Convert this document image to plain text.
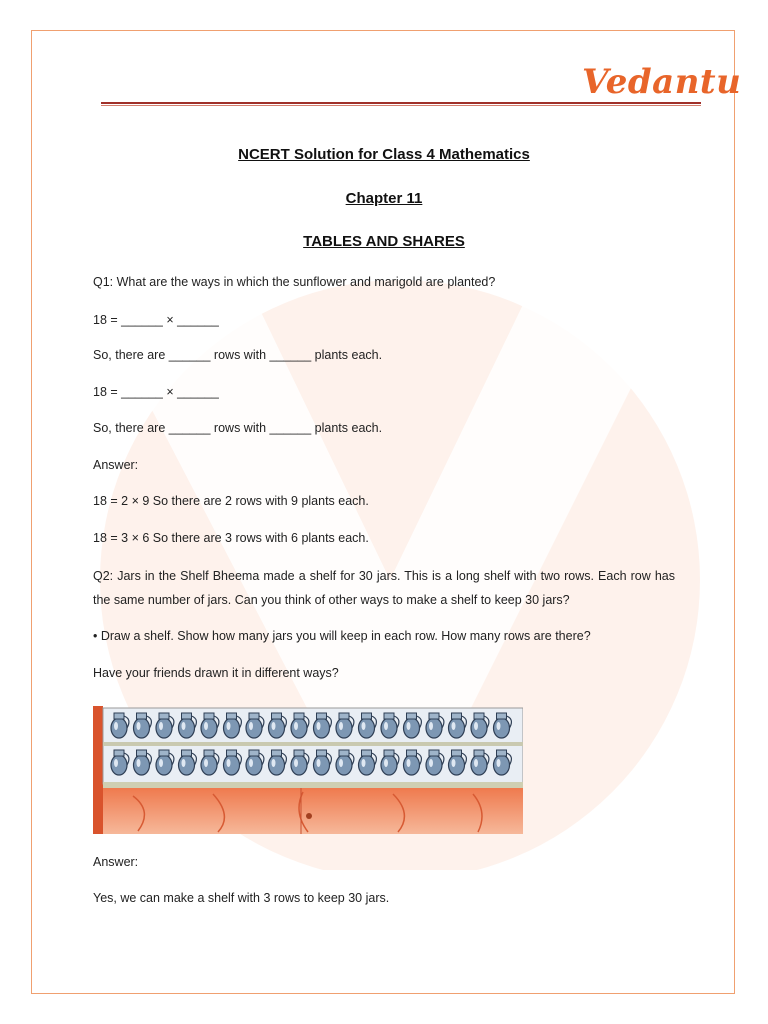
Vedantu
NCERT Solution for Class 4 Mathematics
Chapter 11
TABLES AND SHARES
Q1: What are the ways in which the sunflower and marigold are planted?
18 = ______ × ______
So, there are ______ rows with ______ plants each.
18 = ______ × ______
So, there are ______ rows with ______ plants each.
Answer:
18 = 2 × 9 So there are 2 rows with 9 plants each.
18 = 3 × 6 So there are 3 rows with 6 plants each.
Q2: Jars in the Shelf Bheema made a shelf for 30 jars. This is a long shelf with two rows. Each row has the same number of jars. Can you think of other ways to make a shelf to keep 30 jars?
• Draw a shelf. Show how many jars you will keep in each row. How many rows are there?
Have your friends drawn it in different ways?
Answer:
Yes, we can make a shelf with 3 rows to keep 30 jars.
